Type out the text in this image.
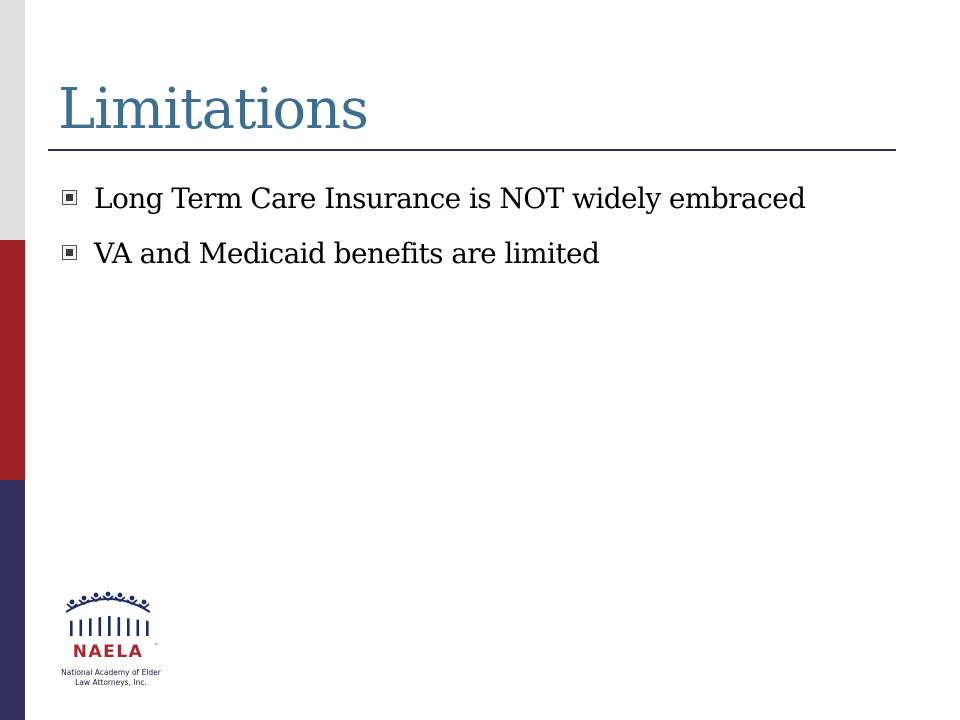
Limitations
Long Term Care Insurance is NOT widely embraced
VA and Medicaid benefits are limited
NAELA	™
National Academy of Elder Law Attorneys, Inc.
